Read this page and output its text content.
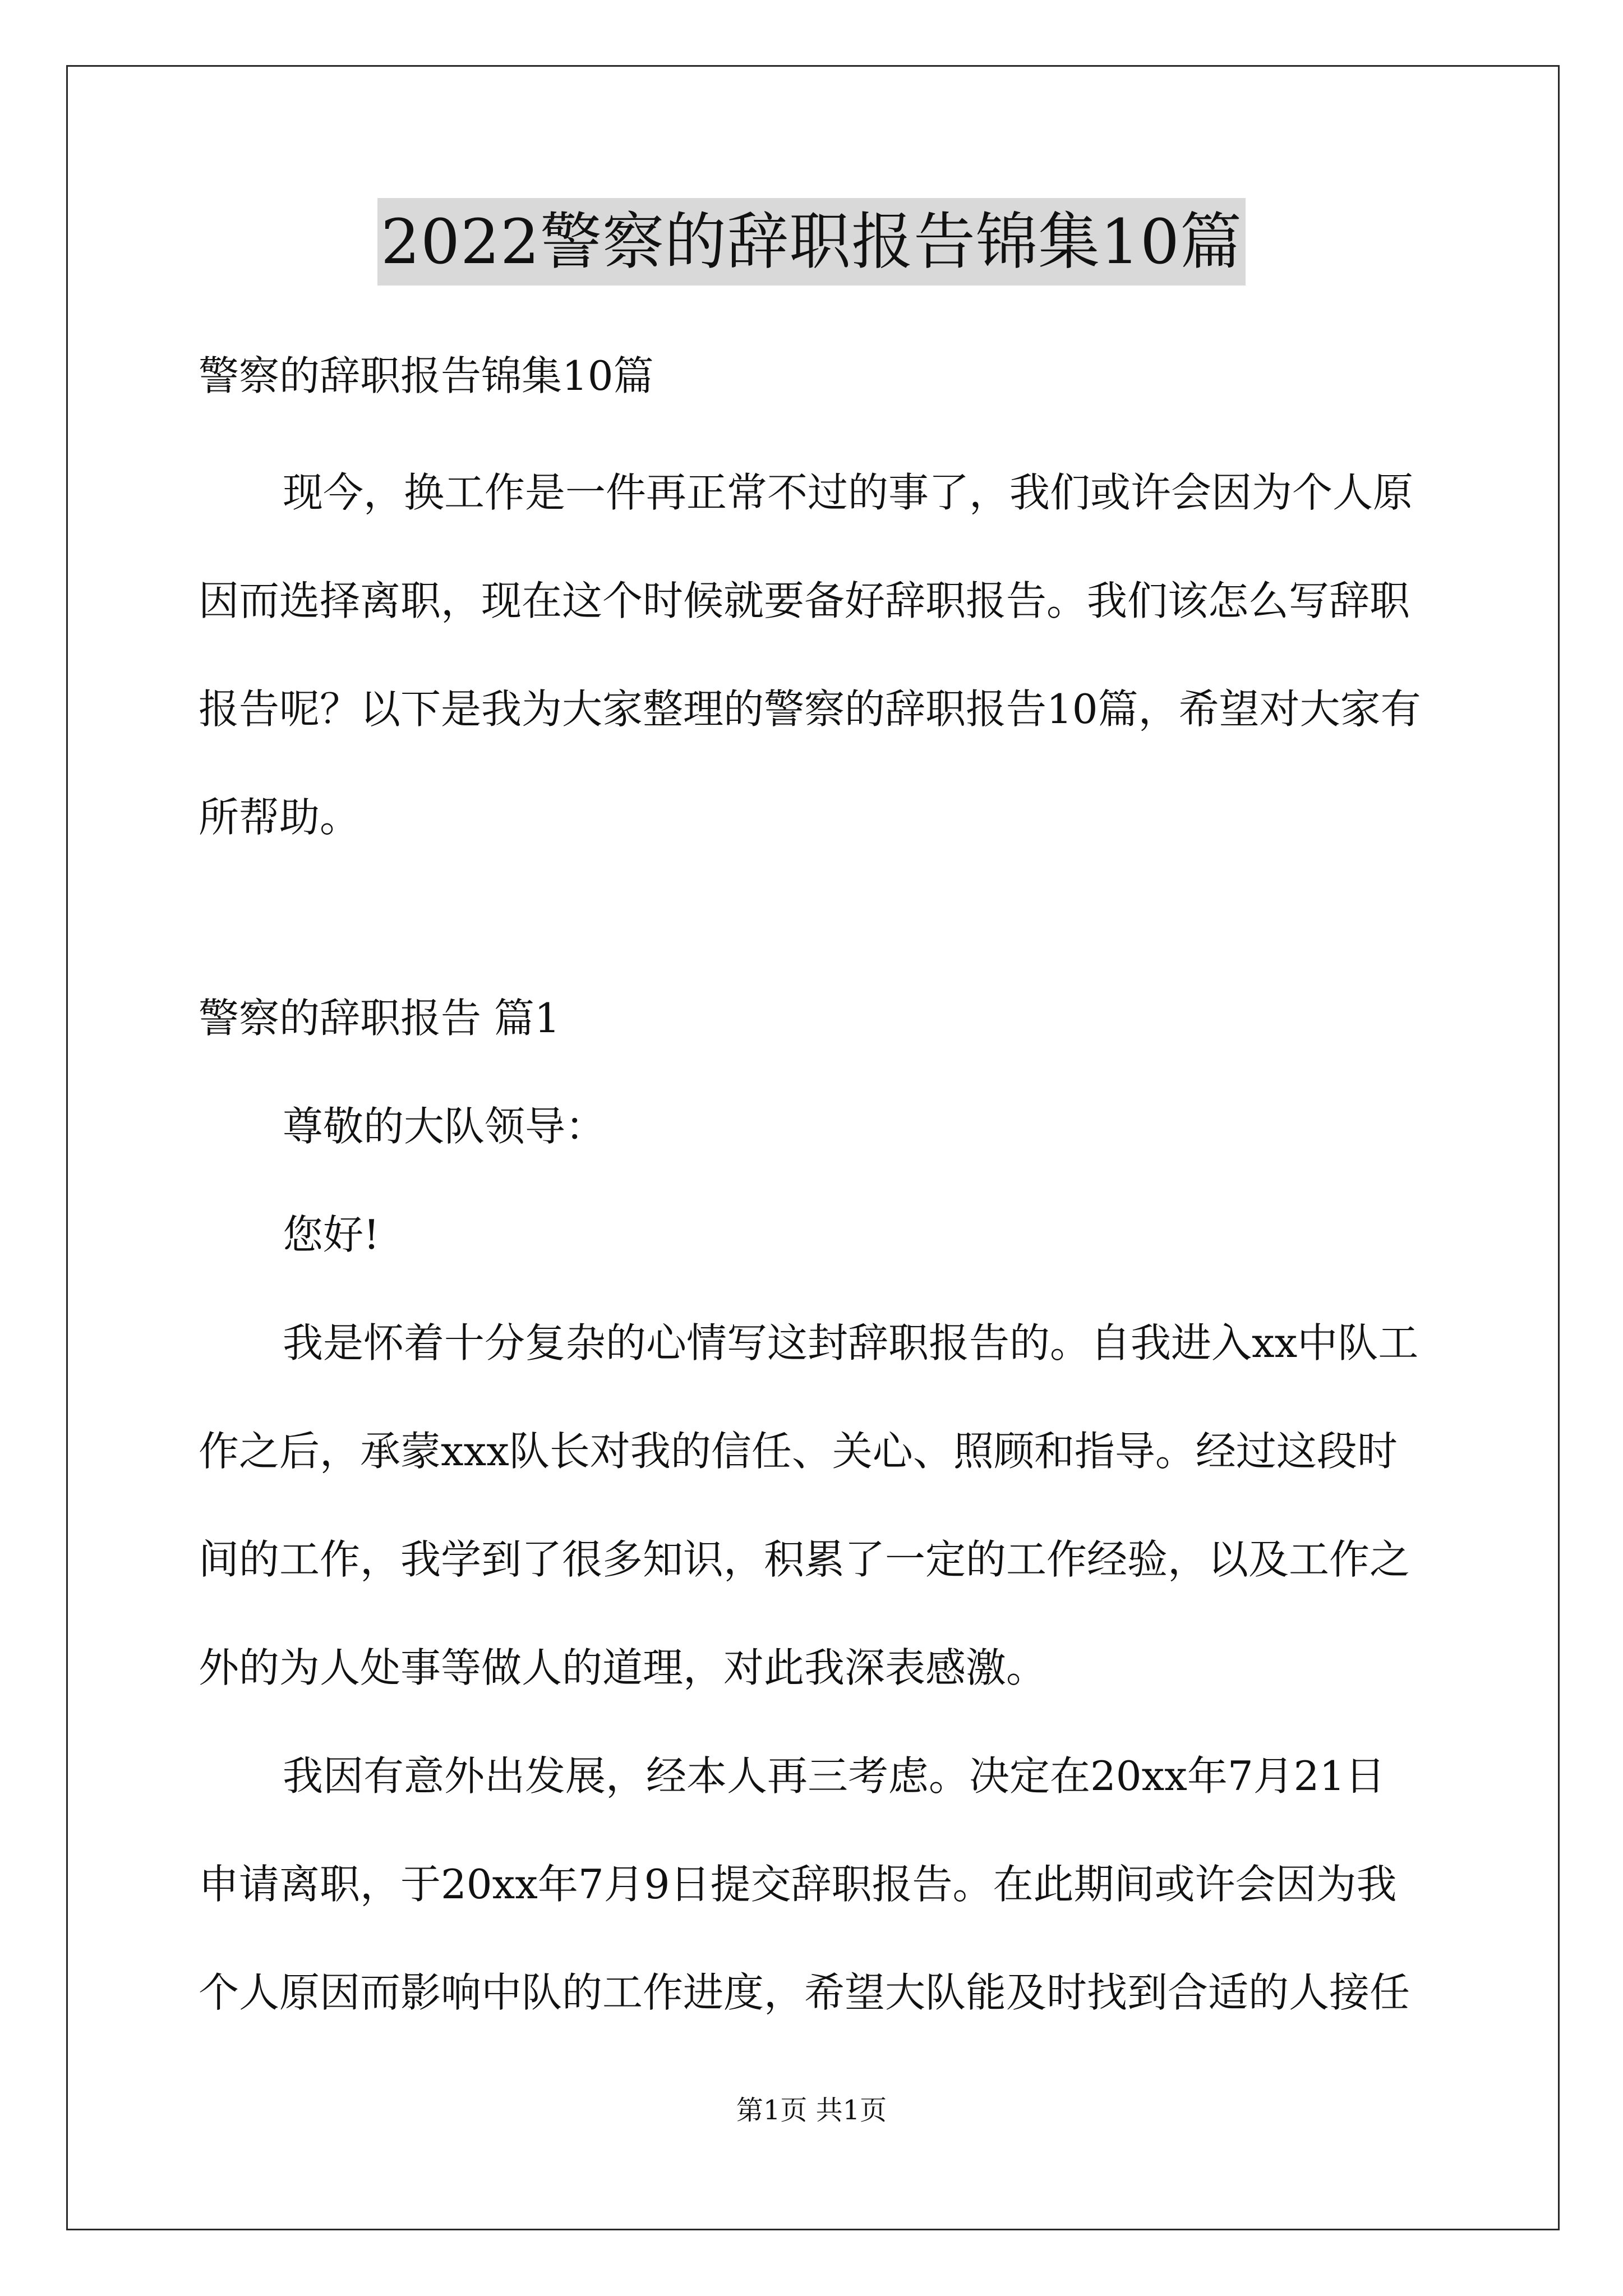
2022警察的辞职报告锦集10篇
警察的辞职报告锦集10篇
现今，换工作是一件再正常不过的事了，我们或许会因为个人原
因而选择离职，现在这个时候就要备好辞职报告。我们该怎么写辞职
报告呢？以下是我为大家整理的警察的辞职报告10篇，希望对大家有
所帮助。
警察的辞职报告 篇1
尊敬的大队领导：
您好!
我是怀着十分复杂的心情写这封辞职报告的。自我进入xx中队工
作之后，承蒙xxx队长对我的信任、关心、照顾和指导。经过这段时
间的工作，我学到了很多知识，积累了一定的工作经验，以及工作之
外的为人处事等做人的道理，对此我深表感激。
我因有意外出发展，经本人再三考虑。决定在20xx年7月21日
申请离职，于20xx年7月9日提交辞职报告。在此期间或许会因为我
个人原因而影响中队的工作进度，希望大队能及时找到合适的人接任
第1页 共1页
